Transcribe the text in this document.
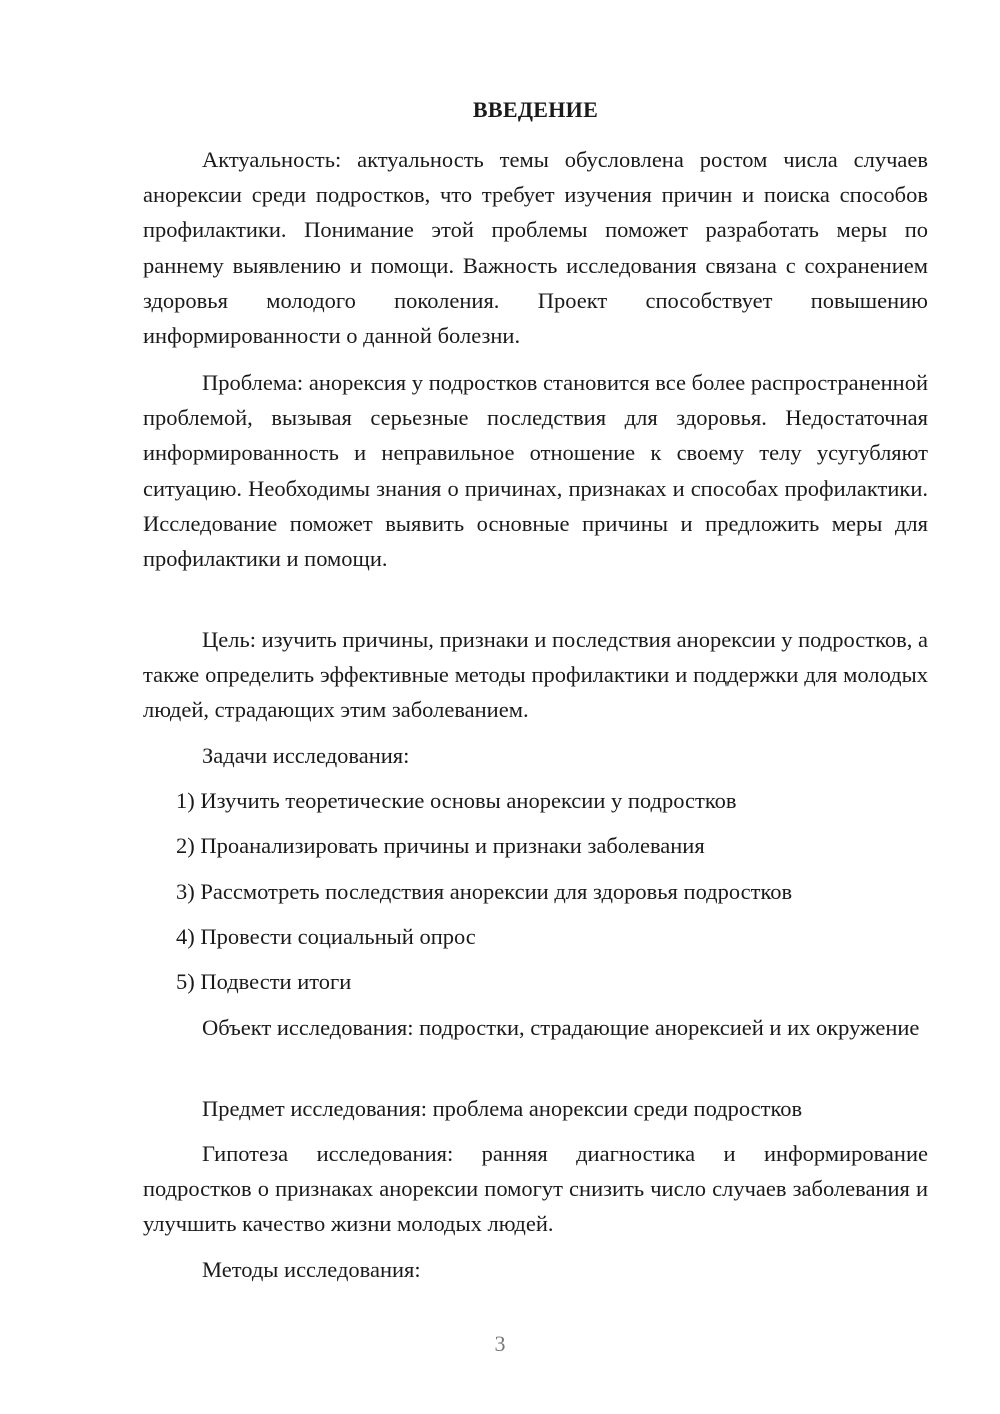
ВВЕДЕНИЕ

Актуальность: актуальность темы обусловлена ростом числа случаев анорексии среди подростков, что требует изучения причин и поиска способов профилактики. Понимание этой проблемы поможет разработать меры по раннему выявлению и помощи. Важность исследования связана с сохранением здоровья молодого поколения. Проект способствует повышению информированности о данной болезни.

Проблема: анорексия у подростков становится все более распространенной проблемой, вызывая серьезные последствия для здоровья. Недостаточная информированность и неправильное отношение к своему телу усугубляют ситуацию. Необходимы знания о причинах, признаках и способах профилактики. Исследование поможет выявить основные причины и предложить меры для профилактики и помощи.

Цель: изучить причины, признаки и последствия анорексии у подростков, а также определить эффективные методы профилактики и поддержки для молодых людей, страдающих этим заболеванием.

Задачи исследования:

1) Изучить теоретические основы анорексии у подростков

2) Проанализировать причины и признаки заболевания

3) Рассмотреть последствия анорексии для здоровья подростков

4) Провести социальный опрос

5) Подвести итоги

Объект исследования: подростки, страдающие анорексией и их окружение

Предмет исследования: проблема анорексии среди подростков

Гипотеза исследования: ранняя диагностика и информирование подростков о признаках анорексии помогут снизить число случаев заболевания и улучшить качество жизни молодых людей.

Методы исследования:

3
